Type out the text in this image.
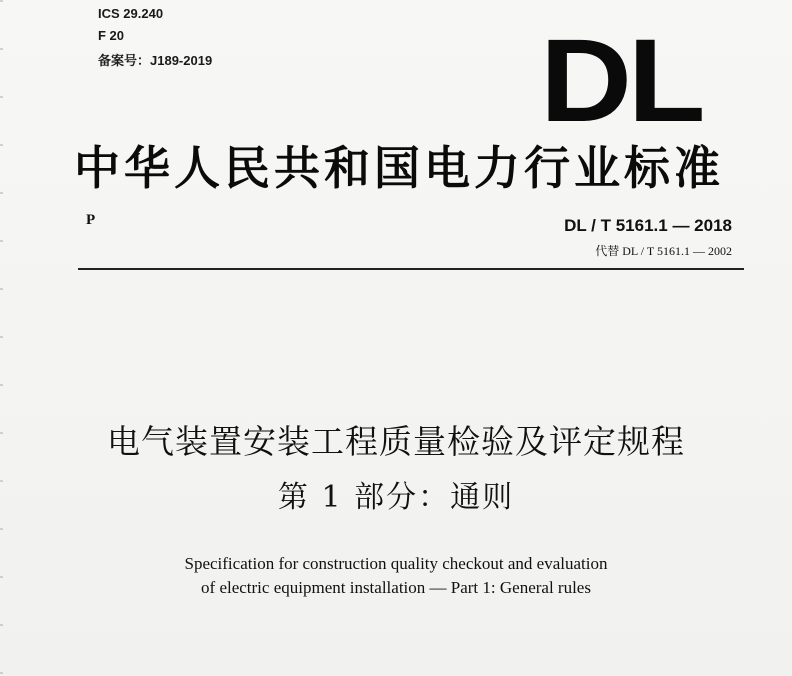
ICS 29.240
F 20
备案号：J189-2019	DL
中华人民共和国电力行业标准
P	DL / T 5161.1 — 2018
代替 DL / T 5161.1 — 2002
电气装置安装工程质量检验及评定规程
第 1 部分：通则
Specification for construction quality checkout and evaluation
of electric equipment installation — Part 1: General rules
